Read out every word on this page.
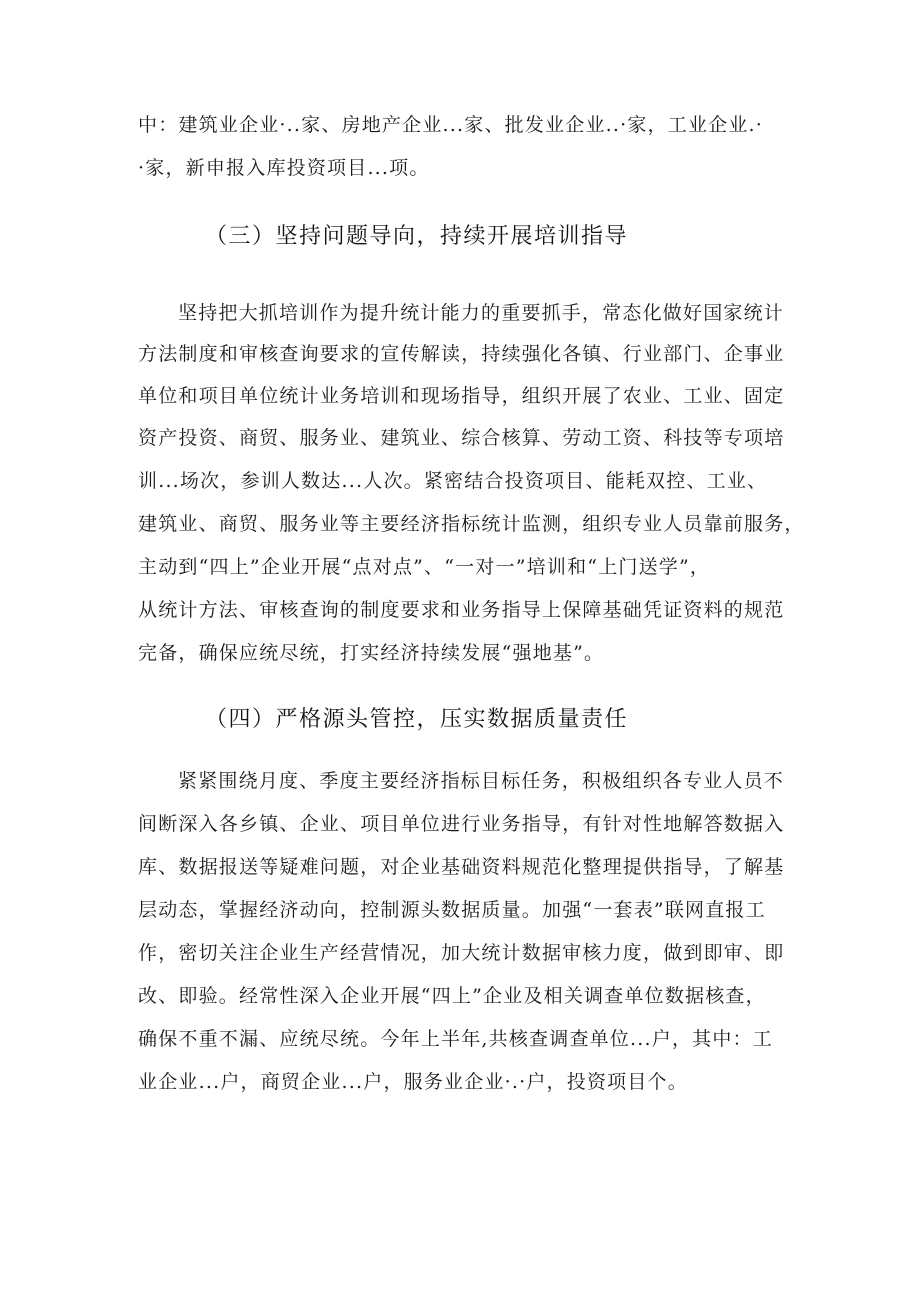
中：建筑业企业·..家、房地产企业...家、批发业企业..·家，工业企业.·
·家，新申报入库投资项目...项。
（三）坚持问题导向，持续开展培训指导
坚持把大抓培训作为提升统计能力的重要抓手，常态化做好国家统计
方法制度和审核查询要求的宣传解读，持续强化各镇、行业部门、企事业
单位和项目单位统计业务培训和现场指导，组织开展了农业、工业、固定
资产投资、商贸、服务业、建筑业、综合核算、劳动工资、科技等专项培
训...场次，参训人数达...人次。紧密结合投资项目、能耗双控、工业、
建筑业、商贸、服务业等主要经济指标统计监测，组织专业人员靠前服务，
主动到“四上”企业开展“点对点”、“一对一”培训和“上门送学”，
从统计方法、审核查询的制度要求和业务指导上保障基础凭证资料的规范
完备，确保应统尽统，打实经济持续发展“强地基”。
（四）严格源头管控，压实数据质量责任
紧紧围绕月度、季度主要经济指标目标任务，积极组织各专业人员不
间断深入各乡镇、企业、项目单位进行业务指导，有针对性地解答数据入
库、数据报送等疑难问题，对企业基础资料规范化整理提供指导，了解基
层动态，掌握经济动向，控制源头数据质量。加强“一套表”联网直报工
作，密切关注企业生产经营情况，加大统计数据审核力度，做到即审、即
改、即验。经常性深入企业开展“四上”企业及相关调查单位数据核查，
确保不重不漏、应统尽统。今年上半年,共核查调查单位...户，其中：工
业企业...户，商贸企业...户，服务业企业·.·户，投资项目个。
